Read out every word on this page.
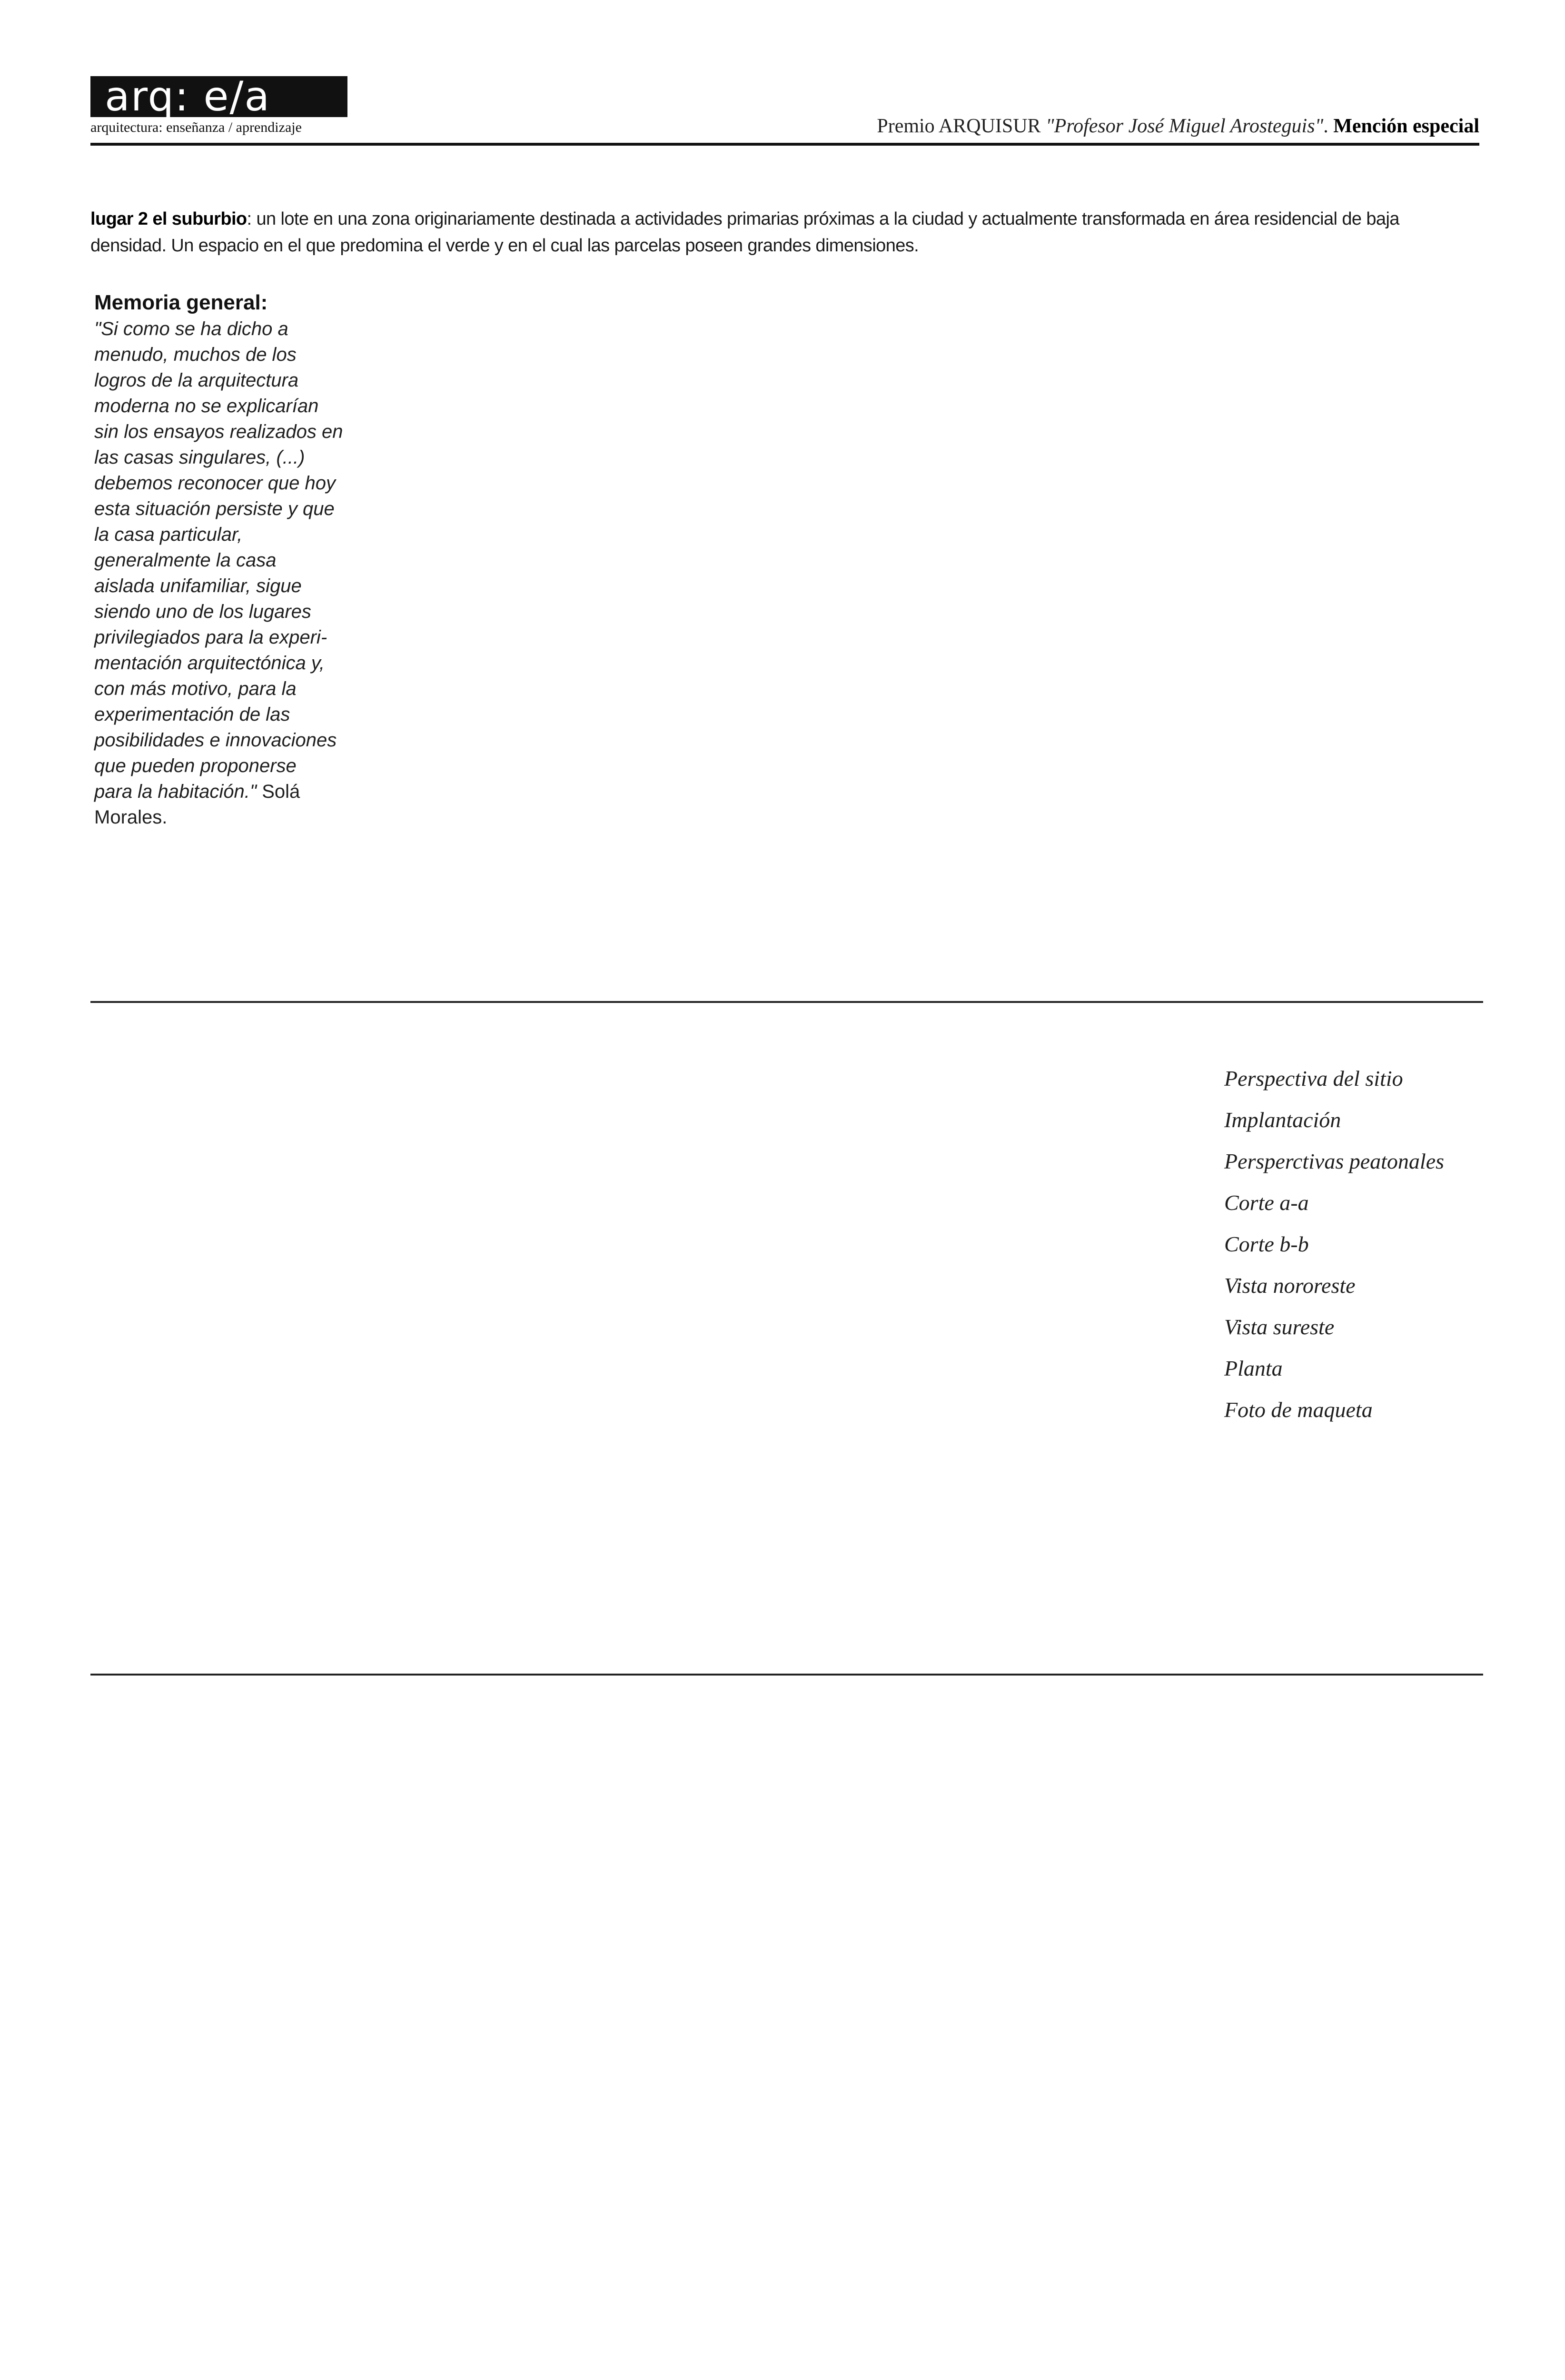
arq: e/a
arquitectura: enseñanza / aprendizaje	Premio ARQUISUR "Profesor José Miguel Arosteguis". Mención especial

lugar 2 el suburbio: un lote en una zona originariamente destinada a actividades primarias próximas a la ciudad y actualmente transformada en área residencial de baja densidad. Un espacio en el que predomina el verde y en el cual las parcelas poseen grandes dimensiones.

Memoria general:
"Si como se ha dicho a
menudo, muchos de los
logros de la arquitectura
moderna no se explicarían
sin los ensayos realizados en
las casas singulares, (...)
debemos reconocer que hoy
esta situación persiste y que
la casa particular,
generalmente la casa
aislada unifamiliar, sigue
siendo uno de los lugares
privilegiados para la experi-
mentación arquitectónica y,
con más motivo, para la
experimentación de las
posibilidades e innovaciones
que pueden proponerse
para la habitación." Solá
Morales.
Perspectiva del sitio
Implantación
Persperctivas peatonales
Corte a-a
Corte b-b
Vista nororeste
Vista sureste
Planta
Foto de maqueta
